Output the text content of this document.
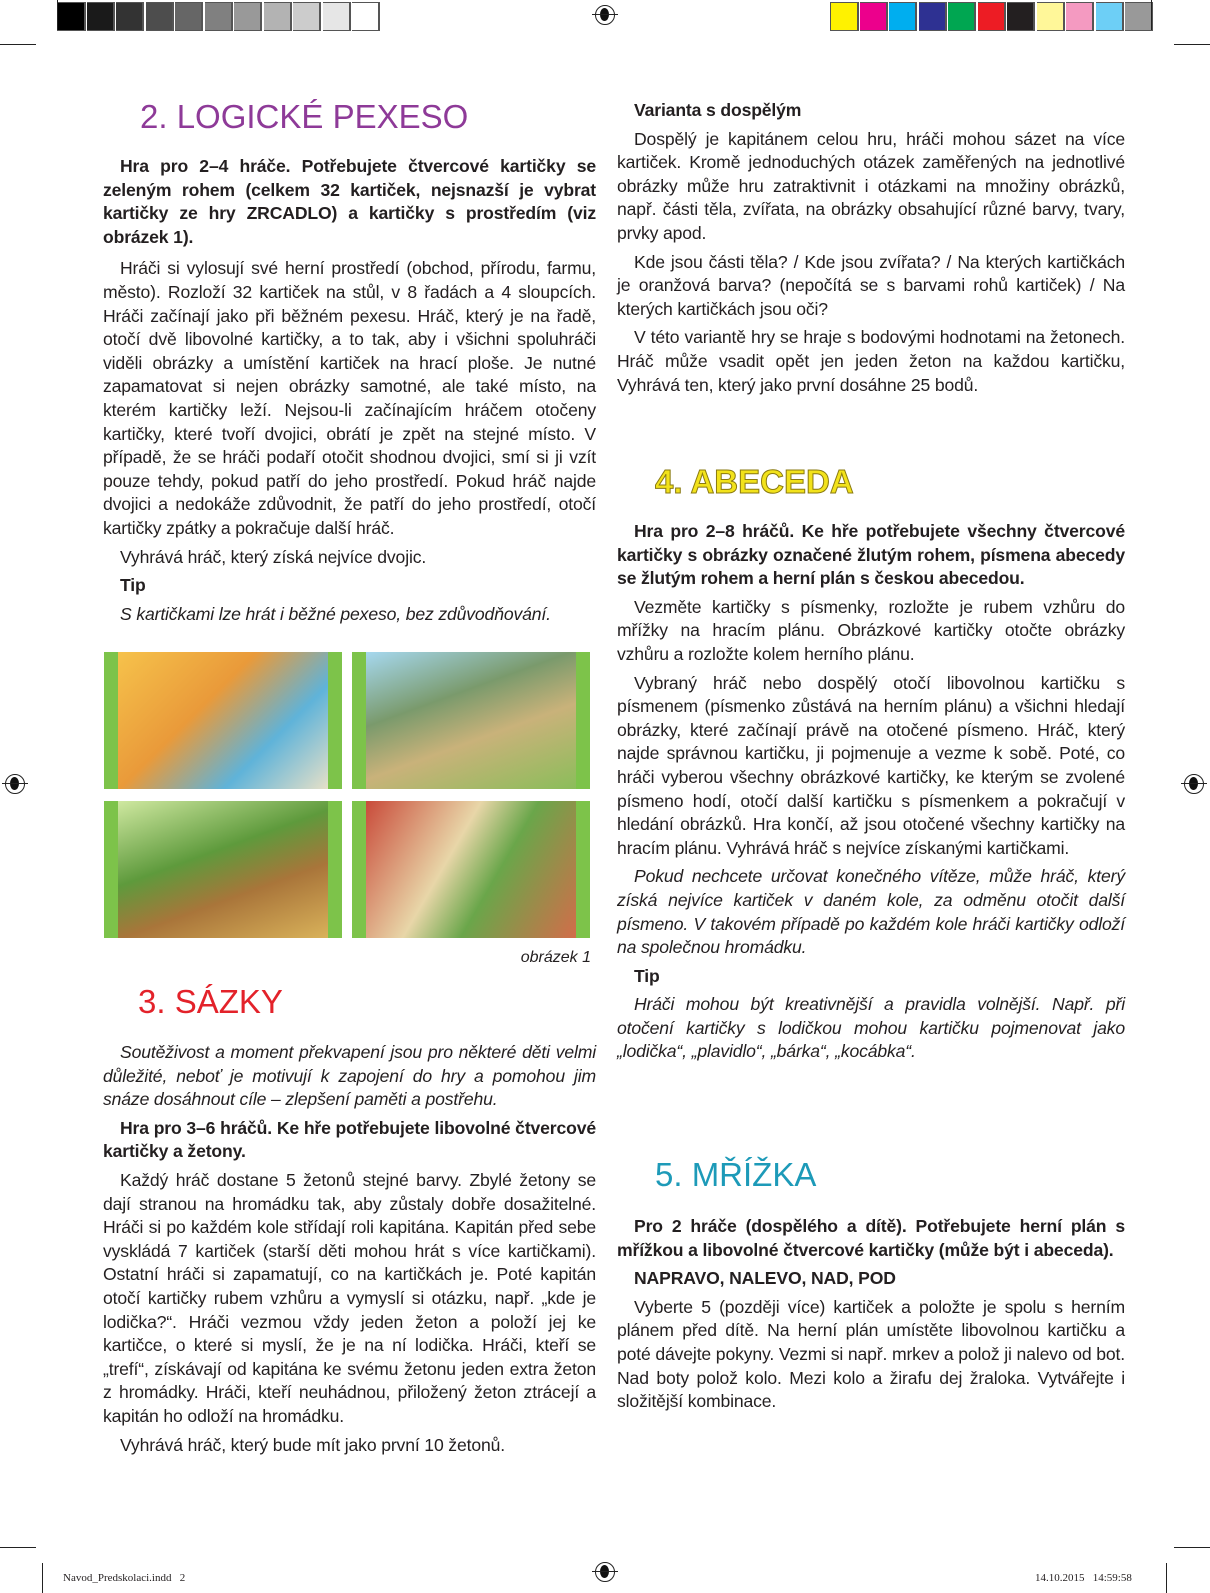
2. LOGICKÉ PEXESO

Hra pro 2–4 hráče. Potřebujete čtvercové kartičky se zeleným rohem (celkem 32 kartiček, nejsnazší je vybrat kartičky ze hry ZRCADLO) a kartičky s prostředím (viz obrázek 1).

Hráči si vylosují své herní prostředí (obchod, přírodu, farmu, město). Rozloží 32 kartiček na stůl, v 8 řadách a 4 sloupcích. Hráči začínají jako při běžném pexesu. Hráč, který je na řadě, otočí dvě libovolné kartičky, a to tak, aby i všichni spoluhráči viděli obrázky a umístění kartiček na hrací ploše. Je nutné zapamatovat si nejen obrázky samotné, ale také místo, na kterém kartičky leží. Nejsou-li začínajícím hráčem otočeny kartičky, které tvoří dvojici, obrátí je zpět na stejné místo. V případě, že se hráči podaří otočit shodnou dvojici, smí si ji vzít pouze tehdy, pokud patří do jeho prostředí. Pokud hráč najde dvojici a nedokáže zdůvodnit, že patří do jeho prostředí, otočí kartičky zpátky a pokračuje další hráč.

Vyhrává hráč, který získá nejvíce dvojic.

Tip

S kartičkami lze hrát i běžné pexeso, bez zdůvodňování.

obrázek 1
3. SÁZKY

Soutěživost a moment překvapení jsou pro některé děti velmi důležité, neboť je motivují k zapojení do hry a pomohou jim snáze dosáhnout cíle – zlepšení paměti a postřehu.

Hra pro 3–6 hráčů. Ke hře potřebujete libovolné čtvercové kartičky a žetony.

Každý hráč dostane 5 žetonů stejné barvy. Zbylé žetony se dají stranou na hromádku tak, aby zůstaly dobře dosažitelné. Hráči si po každém kole střídají roli kapitána. Kapitán před sebe vyskládá 7 kartiček (starší děti mohou hrát s více kartičkami). Ostatní hráči si zapamatují, co na kartičkách je. Poté kapitán otočí kartičky rubem vzhůru a vymyslí si otázku, např. „kde je lodička?“. Hráči vezmou vždy jeden žeton a položí jej ke kartičce, o které si myslí, že je na ní lodička. Hráči, kteří se „trefí“, získávají od kapitána ke svému žetonu jeden extra žeton z hromádky. Hráči, kteří neuhádnou, přiložený žeton ztrácejí a kapitán ho odloží na hromádku.

Vyhrává hráč, který bude mít jako první 10 žetonů.

Varianta s dospělým

Dospělý je kapitánem celou hru, hráči mohou sázet na více kartiček. Kromě jednoduchých otázek zaměřených na jednotlivé obrázky může hru zatraktivnit i otázkami na množiny obrázků, např. části těla, zvířata, na obrázky obsahující různé barvy, tvary, prvky apod.

Kde jsou části těla? / Kde jsou zvířata? / Na kterých kartičkách je oranžová barva? (nepočítá se s barvami rohů kartiček) / Na kterých kartičkách jsou oči?

V této variantě hry se hraje s bodovými hodnotami na žetonech. Hráč může vsadit opět jen jeden žeton na každou kartičku, Vyhrává ten, který jako první dosáhne 25 bodů.

4. ABECEDA

Hra pro 2–8 hráčů. Ke hře potřebujete všechny čtvercové kartičky s obrázky označené žlutým rohem, písmena abecedy se žlutým rohem a herní plán s českou abecedou.

Vezměte kartičky s písmenky, rozložte je rubem vzhůru do mřížky na hracím plánu. Obrázkové kartičky otočte obrázky vzhůru a rozložte kolem herního plánu.

Vybraný hráč nebo dospělý otočí libovolnou kartičku s písmenem (písmenko zůstává na herním plánu) a všichni hledají obrázky, které začínají právě na otočené písmeno. Hráč, který najde správnou kartičku, ji pojmenuje a vezme k sobě. Poté, co hráči vyberou všechny obrázkové kartičky, ke kterým se zvolené písmeno hodí, otočí další kartičku s písmenkem a pokračují v hledání obrázků. Hra končí, až jsou otočené všechny kartičky na hracím plánu. Vyhrává hráč s nejvíce získanými kartičkami.

Pokud nechcete určovat konečného vítěze, může hráč, který získá nejvíce kartiček v daném kole, za odměnu otočit další písmeno. V takovém případě po každém kole hráči kartičky odloží na společnou hromádku.

Tip

Hráči mohou být kreativnější a pravidla volnější. Např. při otočení kartičky s lodičkou mohou kartičku pojmenovat jako „lodička“, „plavidlo“, „bárka“, „kocábka“.

5. MŘÍŽKA

Pro 2 hráče (dospělého a dítě). Potřebujete herní plán s mřížkou a libovolné čtvercové kartičky (může být i abeceda).

NAPRAVO, NALEVO, NAD, POD

Vyberte 5 (později více) kartiček a položte je spolu s herním plánem před dítě. Na herní plán umístěte libovolnou kartičku a poté dávejte pokyny. Vezmi si např. mrkev a polož ji nalevo od bot. Nad boty polož kolo. Mezi kolo a žirafu dej žraloka. Vytvářejte i složitější kombinace.

Navod_Predskolaci.indd   2	14.10.2015   14:59:58
